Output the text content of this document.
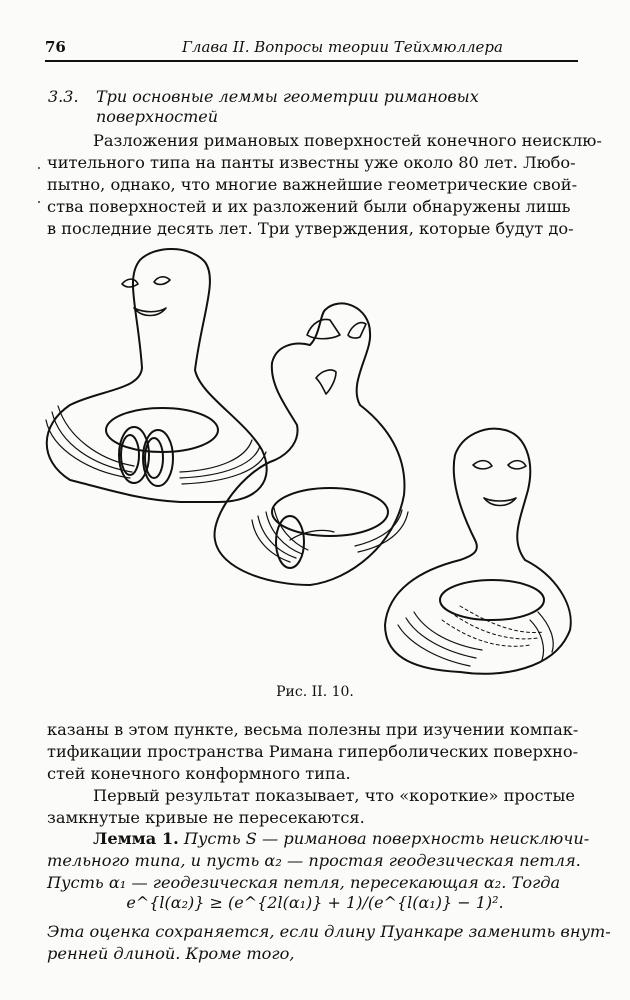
76	Глава II. Вопросы теории Тейхмюллера
3.3. Три основные леммы геометрии римановых поверхностей
Разложения римановых поверхностей конечного неисклю-
чительного типа на панты известны уже около 80 лет. Любо-
пытно, однако, что многие важнейшие геометрические свой-
ства поверхностей и их разложений были обнаружены лишь
в последние десять лет. Три утверждения, которые будут до-
Рис. II. 10.
казаны в этом пункте, весьма полезны при изучении компак-
тификации пространства Римана гиперболических поверхно-
стей конечного конформного типа.
Первый результат показывает, что «короткие» простые
замкнутые кривые не пересекаются.
Лемма 1. Пусть S — риманова поверхность неисключи-
тельного типа, и пусть α₂ — простая геодезическая петля.
Пусть α₁ — геодезическая петля, пересекающая α₂. Тогда
e^{l(α₂)} ≥ (e^{2l(α₁)} + 1)/(e^{l(α₁)} − 1)².
Эта оценка сохраняется, если длину Пуанкаре заменить внут-
ренней длиной. Кроме того,
